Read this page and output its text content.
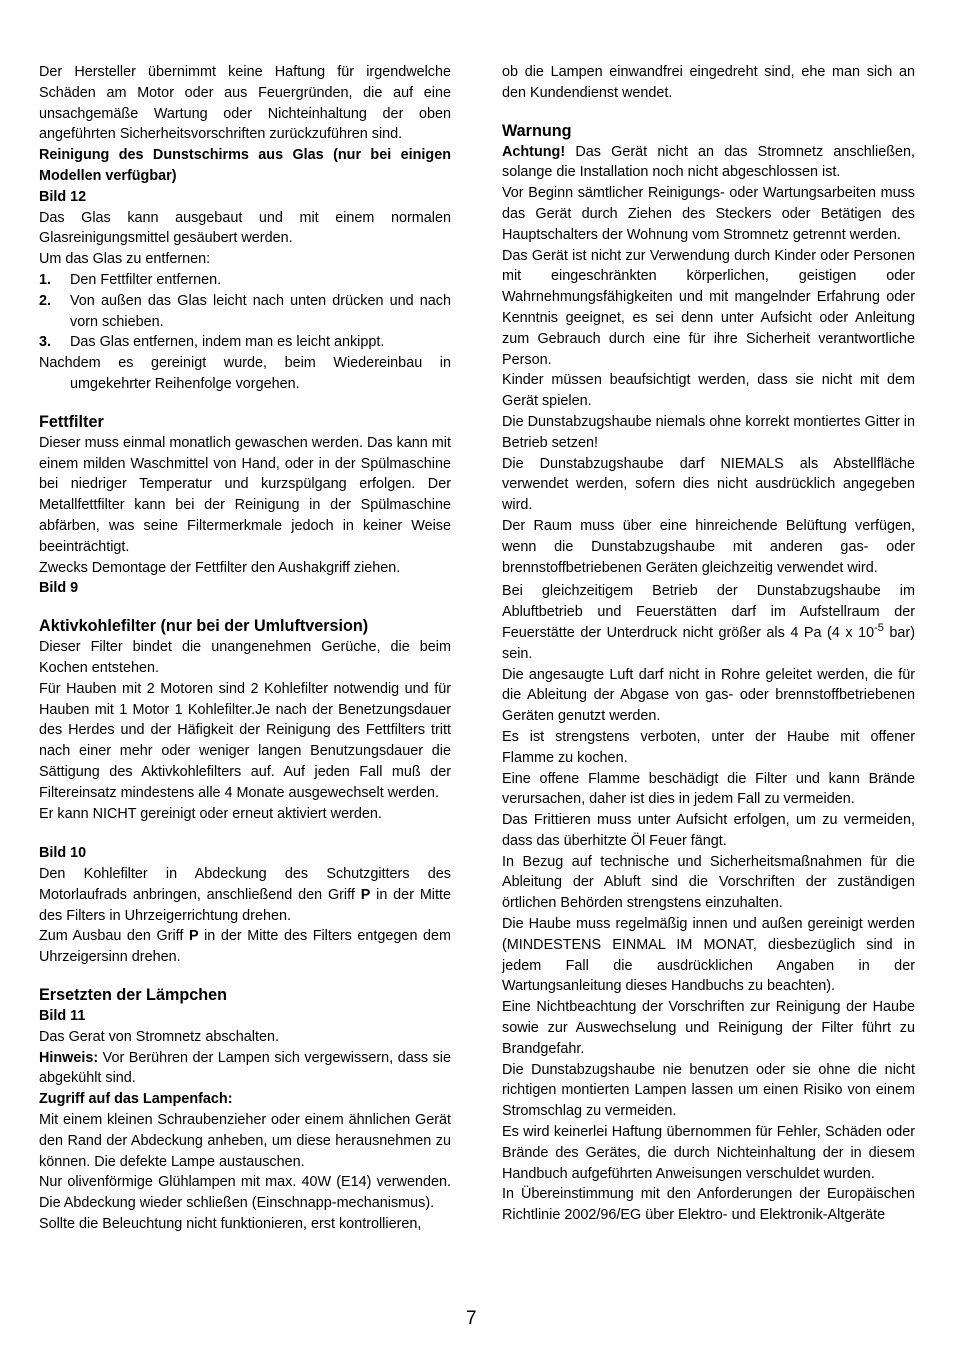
Der Hersteller übernimmt keine Haftung für irgendwelche Schäden am Motor oder aus Feuergründen, die auf eine unsachgemäße Wartung oder Nichteinhaltung der oben angeführten Sicherheitsvorschriften zurückzuführen sind.

Reinigung des Dunstschirms aus Glas (nur bei einigen Modellen verfügbar)

Bild 12

Das Glas kann ausgebaut und mit einem normalen Glasreinigungsmittel gesäubert werden.

Um das Glas zu entfernen:

1. Den Fettfilter entfernen.
2. Von außen das Glas leicht nach unten drücken und nach vorn schieben.
3. Das Glas entfernen, indem man es leicht ankippt.

Nachdem es gereinigt wurde, beim Wiedereinbau in umgekehrter Reihenfolge vorgehen.

Fettfilter

Dieser muss einmal monatlich gewaschen werden. Das kann mit einem milden Waschmittel von Hand, oder in der Spülmaschine bei niedriger Temperatur und kurzspülgang erfolgen. Der Metallfettfilter kann bei der Reinigung in der Spülmaschine abfärben, was seine Filtermerkmale jedoch in keiner Weise beeinträchtigt.

Zwecks Demontage der Fettfilter den Aushakgriff ziehen.

Bild 9

Aktivkohlefilter (nur bei der Umluftversion)

Dieser Filter bindet die unangenehmen Gerüche, die beim Kochen entstehen.

Für Hauben mit 2 Motoren sind 2 Kohlefilter notwendig und für Hauben mit 1 Motor 1 Kohlefilter.Je nach der Benetzungsdauer des Herdes und der Häfigkeit der Reinigung des Fettfilters tritt nach einer mehr oder weniger langen Benutzungsdauer die Sättigung des Aktivkohlefilters auf. Auf jeden Fall muß der Filtereinsatz mindestens alle 4 Monate ausgewechselt werden.

Er kann NICHT gereinigt oder erneut aktiviert werden.

Bild 10

Den Kohlefilter in Abdeckung des Schutzgitters des Motorlaufrads anbringen, anschließend den Griff P in der Mitte des Filters in Uhrzeigerrichtung drehen.

Zum Ausbau den Griff P in der Mitte des Filters entgegen dem Uhrzeigersinn drehen.

Ersetzten der Lämpchen

Bild 11

Das Gerat von Stromnetz abschalten.

Hinweis: Vor Berühren der Lampen sich vergewissern, dass sie abgekühlt sind.

Zugriff auf das Lampenfach:

Mit einem kleinen Schraubenzieher oder einem ähnlichen Gerät den Rand der Abdeckung anheben, um diese herausnehmen zu können. Die defekte Lampe austauschen.

Nur olivenförmige Glühlampen mit max. 40W (E14) verwenden. Die Abdeckung wieder schließen (Einschnapp-mechanismus).

Sollte die Beleuchtung nicht funktionieren, erst kontrollieren,

ob die Lampen einwandfrei eingedreht sind, ehe man sich an den Kundendienst wendet.

Warnung

Achtung! Das Gerät nicht an das Stromnetz anschließen, solange die Installation noch nicht abgeschlossen ist.

Vor Beginn sämtlicher Reinigungs- oder Wartungsarbeiten muss das Gerät durch Ziehen des Steckers oder Betätigen des Hauptschalters der Wohnung vom Stromnetz getrennt werden.

Das Gerät ist nicht zur Verwendung durch Kinder oder Personen mit eingeschränkten körperlichen, geistigen oder Wahrnehmungsfähigkeiten und mit mangelnder Erfahrung oder Kenntnis geeignet, es sei denn unter Aufsicht oder Anleitung zum Gebrauch durch eine für ihre Sicherheit verantwortliche Person.

Kinder müssen beaufsichtigt werden, dass sie nicht mit dem Gerät spielen.

Die Dunstabzugshaube niemals ohne korrekt montiertes Gitter in Betrieb setzen!

Die Dunstabzugshaube darf NIEMALS als Abstellfläche verwendet werden, sofern dies nicht ausdrücklich angegeben wird.

Der Raum muss über eine hinreichende Belüftung verfügen, wenn die Dunstabzugshaube mit anderen gas- oder brennstoffbetriebenen Geräten gleichzeitig verwendet wird.

Bei gleichzeitigem Betrieb der Dunstabzugshaube im Abluftbetrieb und Feuerstätten darf im Aufstellraum der Feuerstätte der Unterdruck nicht größer als 4 Pa (4 x $10^{-5}$ bar) sein.

Die angesaugte Luft darf nicht in Rohre geleitet werden, die für die Ableitung der Abgase von gas- oder brennstoffbetriebenen Geräten genutzt werden.

Es ist strengstens verboten, unter der Haube mit offener Flamme zu kochen.

Eine offene Flamme beschädigt die Filter und kann Brände verursachen, daher ist dies in jedem Fall zu vermeiden.

Das Frittieren muss unter Aufsicht erfolgen, um zu vermeiden, dass das überhitzte Öl Feuer fängt.

In Bezug auf technische und Sicherheitsmaßnahmen für die Ableitung der Abluft sind die Vorschriften der zuständigen örtlichen Behörden strengstens einzuhalten.

Die Haube muss regelmäßig innen und außen gereinigt werden (MINDESTENS EINMAL IM MONAT, diesbezüglich sind in jedem Fall die ausdrücklichen Angaben in der Wartungsanleitung dieses Handbuchs zu beachten).

Eine Nichtbeachtung der Vorschriften zur Reinigung der Haube sowie zur Auswechselung und Reinigung der Filter führt zu Brandgefahr.

Die Dunstabzugshaube nie benutzen oder sie ohne die nicht richtigen montierten Lampen lassen um einen Risiko von einem Stromschlag zu vermeiden.

Es wird keinerlei Haftung übernommen für Fehler, Schäden oder Brände des Gerätes, die durch Nichteinhaltung der in diesem Handbuch aufgeführten Anweisungen verschuldet wurden.

In Übereinstimmung mit den Anforderungen der Europäischen Richtlinie 2002/96/EG über Elektro- und Elektronik-Altgeräte

7
